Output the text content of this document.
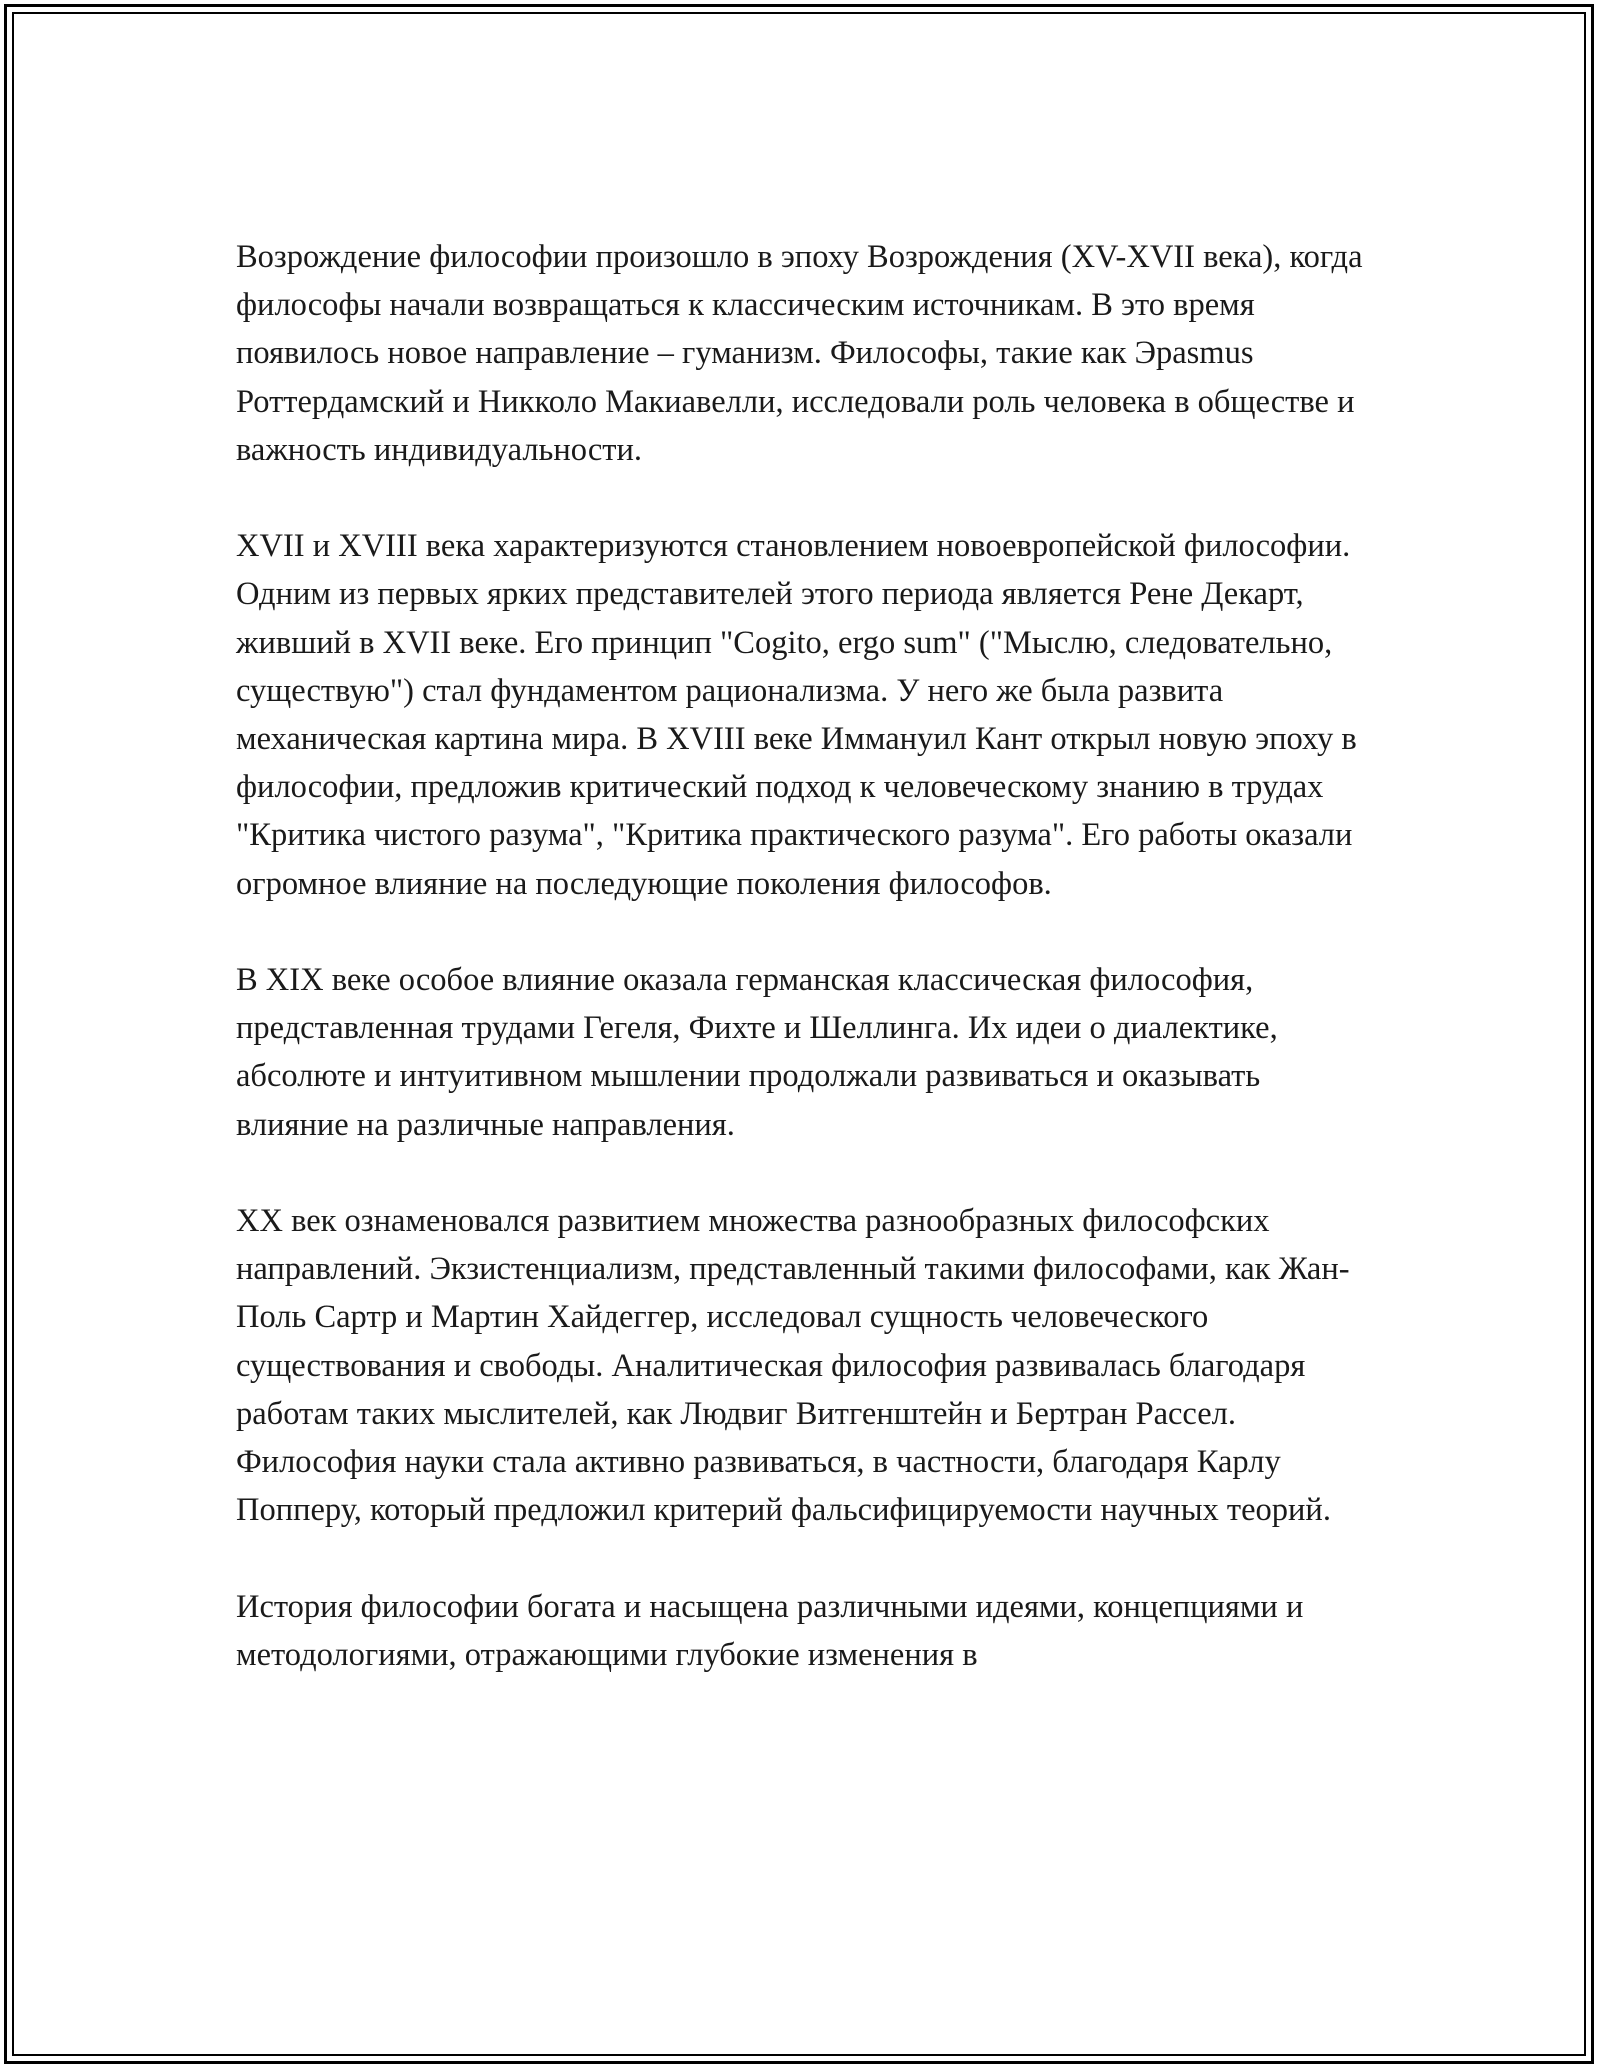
Возрождение философии произошло в эпоху Возрождения (XV-XVII века), когда философы начали возвращаться к классическим источникам. В это время появилось новое направление – гуманизм. Философы, такие как Эрasmus Роттердамский и Никколо Макиавелли, исследовали роль человека в обществе и важность индивидуальности.

XVII и XVIII века характеризуются становлением новоевропейской философии. Одним из первых ярких представителей этого периода является Рене Декарт, живший в XVII веке. Его принцип "Cogito, ergo sum" ("Мыслю, следовательно, существую") стал фундаментом рационализма. У него же была развита механическая картина мира. В XVIII веке Иммануил Кант открыл новую эпоху в философии, предложив критический подход к человеческому знанию в трудах "Критика чистого разума", "Критика практического разума". Его работы оказали огромное влияние на последующие поколения философов.

В XIX веке особое влияние оказала германская классическая философия, представленная трудами Гегеля, Фихте и Шеллинга. Их идеи о диалектике, абсолюте и интуитивном мышлении продолжали развиваться и оказывать влияние на различные направления.

XX век ознаменовался развитием множества разнообразных философских направлений. Экзистенциализм, представленный такими философами, как Жан-Поль Сартр и Мартин Хайдеггер, исследовал сущность человеческого существования и свободы. Аналитическая философия развивалась благодаря работам таких мыслителей, как Людвиг Витгенштейн и Бертран Рассел. Философия науки стала активно развиваться, в частности, благодаря Карлу Попперу, который предложил критерий фальсифицируемости научных теорий.

История философии богата и насыщена различными идеями, концепциями и методологиями, отражающими глубокие изменения в
